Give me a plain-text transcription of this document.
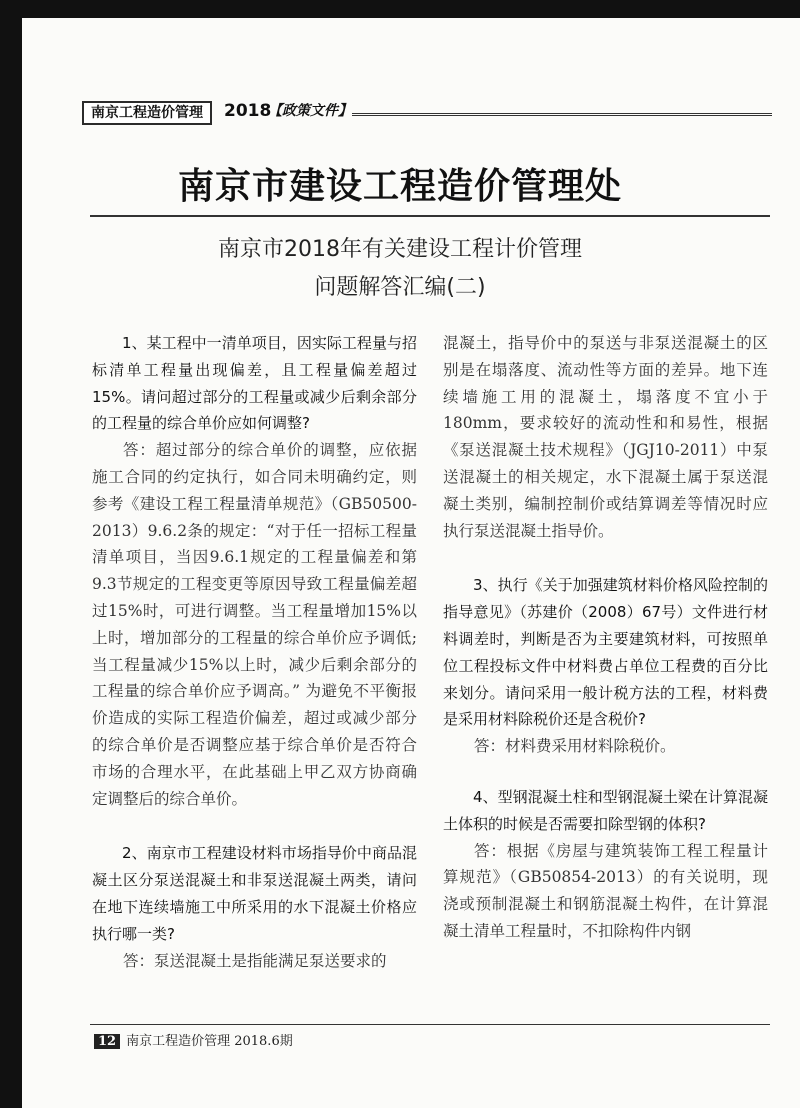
南京工程造价管理	2018
【政策文件】
南京市建设工程造价管理处
南京市2018年有关建设工程计价管理
问题解答汇编(二)

1、某工程中一清单项目，因实际工程量与招标清单工程量出现偏差，且工程量偏差超过15%。请问超过部分的工程量或减少后剩余部分的工程量的综合单价应如何调整?

答：超过部分的综合单价的调整，应依据施工合同的约定执行，如合同未明确约定，则参考《建设工程工程量清单规范》（GB50500-2013）9.6.2条的规定：“对于任一招标工程量清单项目，当因9.6.1规定的工程量偏差和第9.3节规定的工程变更等原因导致工程量偏差超过15%时，可进行调整。当工程量增加15%以上时，增加部分的工程量的综合单价应予调低;当工程量减少15%以上时，减少后剩余部分的工程量的综合单价应予调高。” 为避免不平衡报价造成的实际工程造价偏差，超过或减少部分的综合单价是否调整应基于综合单价是否符合市场的合理水平，在此基础上甲乙双方协商确定调整后的综合单价。

2、南京市工程建设材料市场指导价中商品混凝土区分泵送混凝土和非泵送混凝土两类，请问在地下连续墙施工中所采用的水下混凝土价格应执行哪一类?

答：泵送混凝土是指能满足泵送要求的

混凝土，指导价中的泵送与非泵送混凝土的区别是在塌落度、流动性等方面的差异。地下连续墙施工用的混凝土，塌落度不宜小于180mm，要求较好的流动性和和易性，根据《泵送混凝土技术规程》（JGJ10-2011）中泵送混凝土的相关规定，水下混凝土属于泵送混凝土类别，编制控制价或结算调差等情况时应执行泵送混凝土指导价。

3、执行《关于加强建筑材料价格风险控制的指导意见》（苏建价（2008）67号）文件进行材料调差时，判断是否为主要建筑材料，可按照单位工程投标文件中材料费占单位工程费的百分比来划分。请问采用一般计税方法的工程，材料费是采用材料除税价还是含税价?

答：材料费采用材料除税价。

4、型钢混凝土柱和型钢混凝土梁在计算混凝土体积的时候是否需要扣除型钢的体积?

答：根据《房屋与建筑装饰工程工程量计算规范》（GB50854-2013）的有关说明，现浇或预制混凝土和钢筋混凝土构件，在计算混凝土清单工程量时，不扣除构件内钢

12 南京工程造价管理 2018.6期
